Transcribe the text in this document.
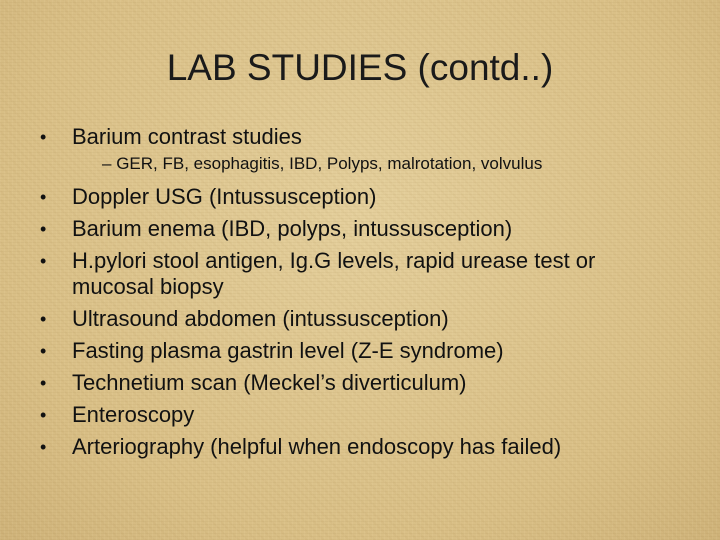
LAB STUDIES (contd..)
• Barium contrast studies
– GER, FB, esophagitis, IBD, Polyps, malrotation, volvulus
• Doppler USG (Intussusception)
• Barium enema (IBD, polyps, intussusception)
• H.pylori stool antigen, Ig.G levels, rapid urease test or mucosal biopsy
• Ultrasound abdomen (intussusception)
• Fasting plasma gastrin level (Z-E syndrome)
• Technetium scan (Meckel’s diverticulum)
• Enteroscopy
• Arteriography (helpful when endoscopy has failed)
